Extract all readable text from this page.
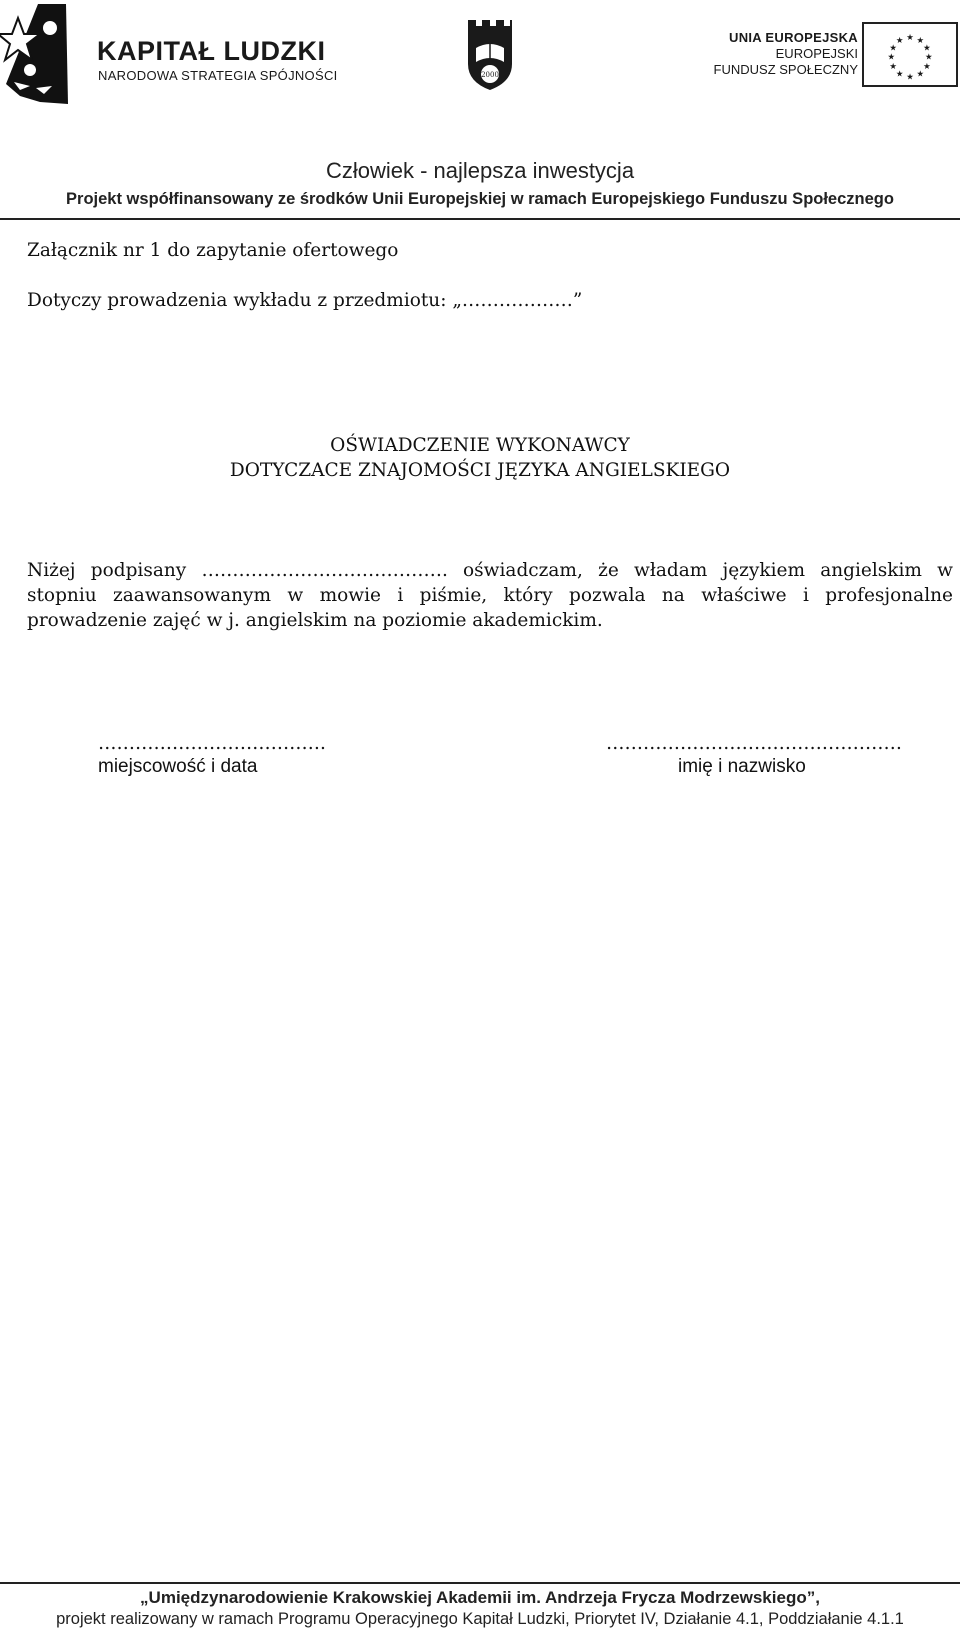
KAPITAŁ LUDZKI
NARODOWA STRATEGIA SPÓJNOŚCI	2000
UNIA EUROPEJSKA
EUROPEJSKI
FUNDUSZ SPOŁECZNY
★ ★
★
★
★
★
★
★
★
★
★
★
Człowiek - najlepsza inwestycja
Projekt współfinansowany ze środków Unii Europejskiej w ramach Europejskiego Funduszu Społecznego
Załącznik nr 1 do zapytanie ofertowego
Dotyczy prowadzenia wykładu z przedmiotu: „………………”
OŚWIADCZENIE WYKONAWCY
DOTYCZACE ZNAJOMOŚCI JĘZYKA ANGIELSKIEGO
Niżej podpisany …………………………………. oświadczam, że władam językiem angielskim w
stopniu zaawansowanym w mowie i piśmie, który pozwala na właściwe i profesjonalne
prowadzenie zajęć w j. angielskim na poziomie akademickim.
……………………………….
miejscowość i data
…………………………………………
imię i nazwisko
„Umiędzynarodowienie Krakowskiej Akademii im. Andrzeja Frycza Modrzewskiego”,
projekt realizowany w ramach Programu Operacyjnego Kapitał Ludzki, Priorytet IV, Działanie 4.1, Poddziałanie 4.1.1
